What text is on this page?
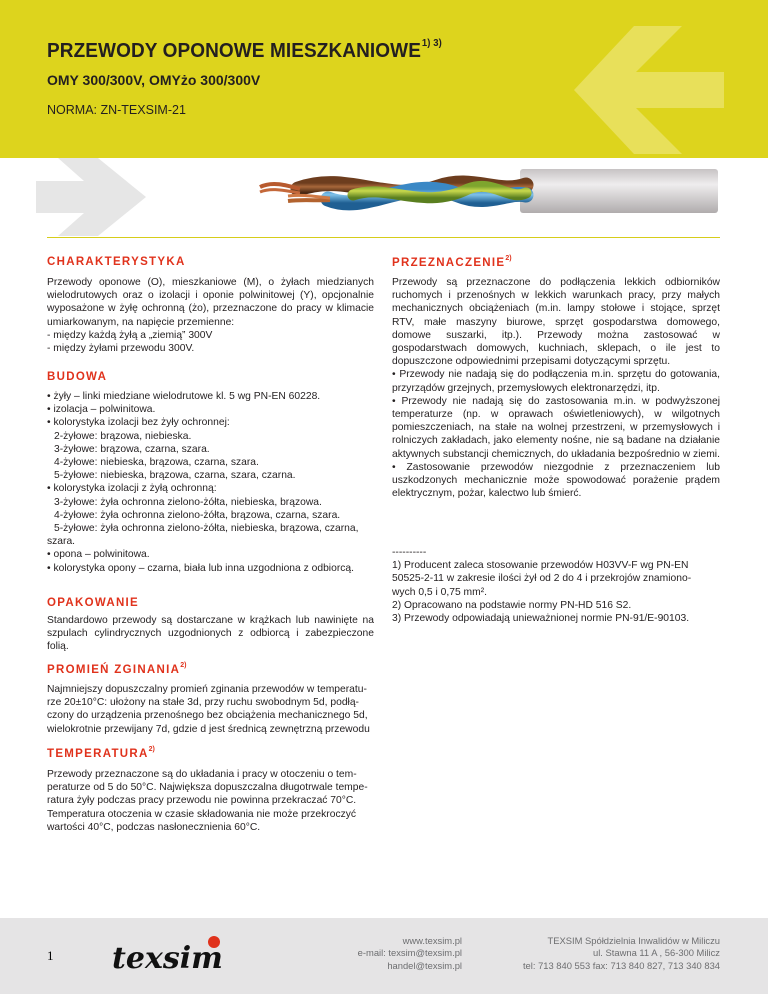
PRZEWODY OPONOWE $MIESZKANIOWE^{1) 3)}$
OMY 300/300V, OMYżo 300/300V
NORMA: ZN-TEXSIM-21
CHARAKTERYSTYKA
Przewody oponowe (O), mieszkaniowe (M), o żyłach miedzianych wielodrutowych oraz o izolacji i oponie polwinitowej (Y), opcjonalnie wyposażone w żyłę ochronną (żo), przeznaczone do pracy w klimacie umiarkowanym, na napięcie przemienne:
- między każdą żyłą a „ziemią” 300V
- między żyłami przewodu 300V.
BUDOWA
• żyły – linki miedziane wielodrutowe kl. 5 wg PN-EN 60228.
• izolacja – polwinitowa.
• kolorystyka izolacji bez żyły ochronnej:
2-żyłowe: brązowa, niebieska.
3-żyłowe: brązowa, czarna, szara.
4-żyłowe: niebieska, brązowa, czarna, szara.
5-żyłowe: niebieska, brązowa, czarna, szara, czarna.
• kolorystyka izolacji z żyłą ochronną:
3-żyłowe: żyła ochronna zielono-żółta, niebieska, brązowa.
4-żyłowe: żyła ochronna zielono-żółta, brązowa, czarna, szara.
5-żyłowe: żyła ochronna zielono-żółta, niebieska, brązowa, czarna,
szara.
• opona – polwinitowa.
• kolorystyka opony – czarna, biała lub inna uzgodniona z odbiorcą.
OPAKOWANIE
Standardowo przewody są dostarczane w krążkach lub nawinięte na szpulach cylindrycznych uzgodnionych z odbiorcą i zabezpieczone folią.
PROMIEŃ ZGINANIA$^{2)}$
Najmniejszy dopuszczalny promień zginania przewodów w temperatu-
rze 20±10°C: ułożony na stałe 3d, przy ruchu swobodnym 5d, podłą-
czony do urządzenia przenośnego bez obciążenia mechanicznego 5d,
wielokrotnie przewijany 7d, gdzie d jest średnicą zewnętrzną przewodu
TEMPERATURA$^{2)}$
Przewody przeznaczone są do układania i pracy w otoczeniu o tem-
peraturze od 5 do 50°C. Największa dopuszczalna długotrwale tempe-
ratura żyły podczas pracy przewodu nie powinna przekraczać 70°C.
Temperatura otoczenia w czasie składowania nie może przekroczyć
wartości 40°C, podczas nasłonecznienia 60°C.
PRZEZNACZENIE$^{2)}$
Przewody są przeznaczone do podłączenia lekkich odbiorników ruchomych i przenośnych w lekkich warunkach pracy, przy małych mechanicznych obciążeniach (m.in. lampy stołowe i stojące, sprzęt RTV, małe maszyny biurowe, sprzęt gospodarstwa domowego, domowe suszarki, itp.). Przewody można zastosować w gospodarstwach domowych, kuchniach, sklepach, o ile jest to dopuszczone odpowiednimi przepisami dotyczącymi sprzętu.
• Przewody nie nadają się do podłączenia m.in. sprzętu do gotowania, przyrządów grzejnych, przemysłowych elektronarzędzi, itp.
• Przewody nie nadają się do zastosowania m.in. w podwyższonej temperaturze (np. w oprawach oświetleniowych), w wilgotnych pomieszczeniach, na stałe na wolnej przestrzeni, w przemysłowych i rolniczych zakładach, jako elementy nośne, nie są badane na działanie aktywnych substancji chemicznych, do układania bezpośrednio w ziemi.
• Zastosowanie przewodów niezgodnie z przeznaczeniem lub uszkodzonych mechanicznie może spowodować porażenie prądem elektrycznym, pożar, kalectwo lub śmierć.
----------
1) Producent zaleca stosowanie przewodów H03VV-F wg PN-EN
50525-2-11 w zakresie ilości żył od 2 do 4 i przekrojów znamiono-
wych 0,5 i 0,75 mm².
2) Opracowano na podstawie normy PN-HD 516 S2.
3) Przewody odpowiadają unieważnionej normie PN-91/E-90103.
1 texsim
www.texsim.pl
e-mail: texsim@texsim.pl
handel@texsim.pl
TEXSIM Spółdzielnia Inwalidów w Miliczu
ul. Stawna 11 A , 56-300 Milicz
tel: 713 840 553 fax: 713 840 827, 713 340 834
